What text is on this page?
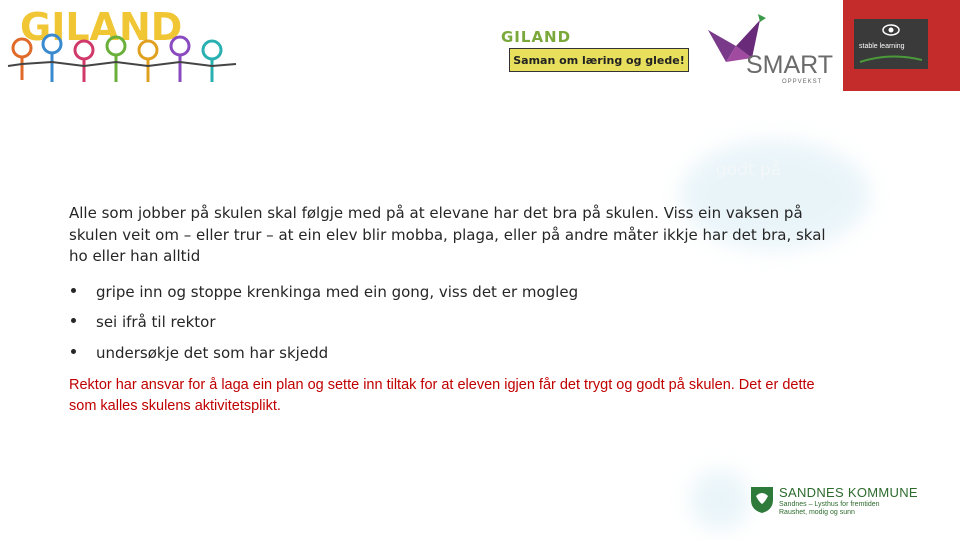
GILAND	GILAND
Saman om læring og glede! SMART
OPPVEKST
stable learning
godt på

Alle som jobber på skulen skal følgje med på at elevane har det bra på skulen. Viss ein vaksen på skulen veit om – eller trur – at ein elev blir mobba, plaga, eller på andre måter ikkje har det bra, skal ho eller han alltid

gripe inn og stoppe krenkinga med ein gong, viss det er mogleg
sei ifrå til rektor
undersøkje det som har skjedd

Rektor har ansvar for å laga ein plan og sette inn tiltak for at eleven igjen får det trygt og godt på skulen. Det er dette som kalles skulens aktivitetsplikt.

SANDNES KOMMUNE
Sandnes – Lysthus for fremtiden
Raushet, modig og sunn
